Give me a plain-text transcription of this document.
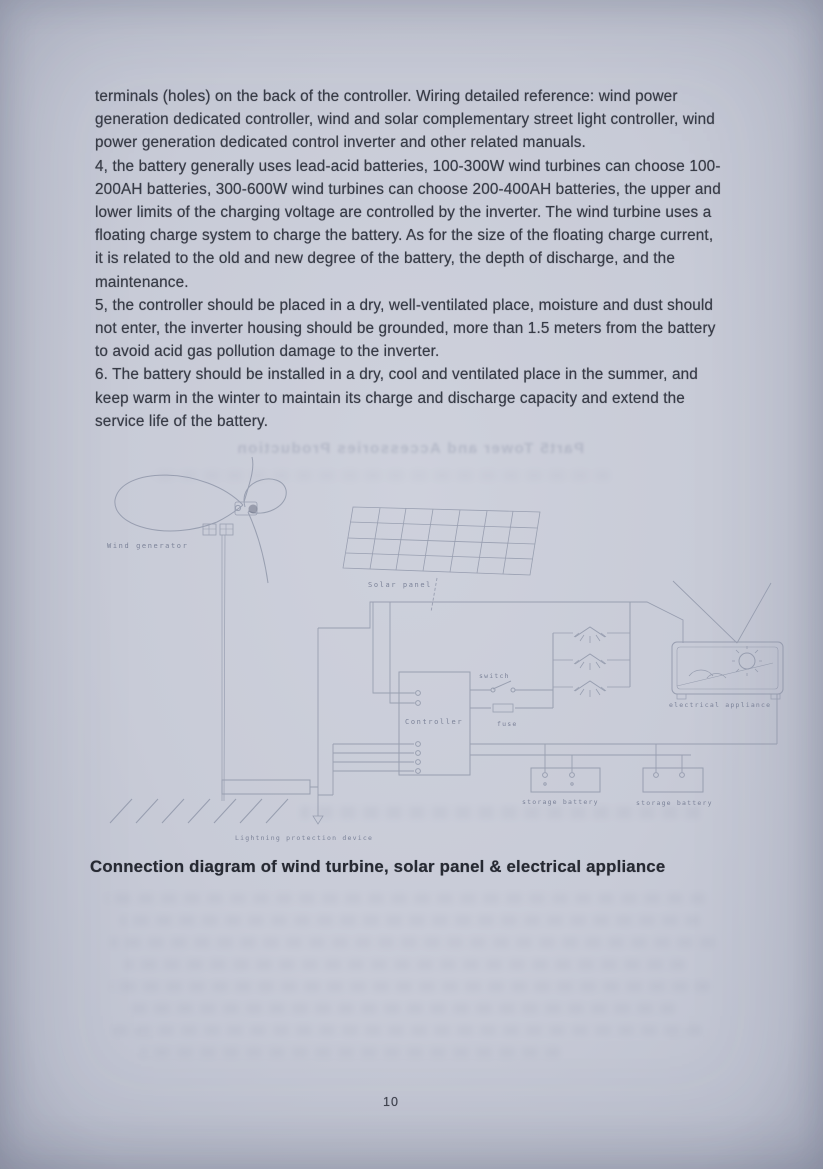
Part5 Tower and Accessories Production

terminals (holes) on the back of the controller. Wiring detailed reference: wind power generation dedicated controller, wind and solar complementary street light controller, wind power generation dedicated control inverter and other related manuals.

4, the battery generally uses lead-acid batteries, 100-300W wind turbines can choose 100-200AH batteries, 300-600W wind turbines can choose 200-400AH batteries, the upper and lower limits of the charging voltage are controlled by the inverter. The wind turbine uses a floating charge system to charge the battery. As for the size of the floating charge current, it is related to the old and new degree of the battery, the depth of discharge, and the maintenance.

5, the controller should be placed in a dry, well-ventilated place, moisture and dust should not enter, the inverter housing should be grounded, more than 1.5 meters from the battery to avoid acid gas pollution damage to the inverter.

6. The battery should be installed in a dry, cool and ventilated place in the summer, and keep warm in the winter to maintain its charge and discharge capacity and extend the service life of the battery.

Wind generator
Solar panel
switch
fuse
Controller
electrical appliance
storage battery	storage battery
Lightning protection device
Connection diagram of wind turbine, solar panel & electrical appliance
10
